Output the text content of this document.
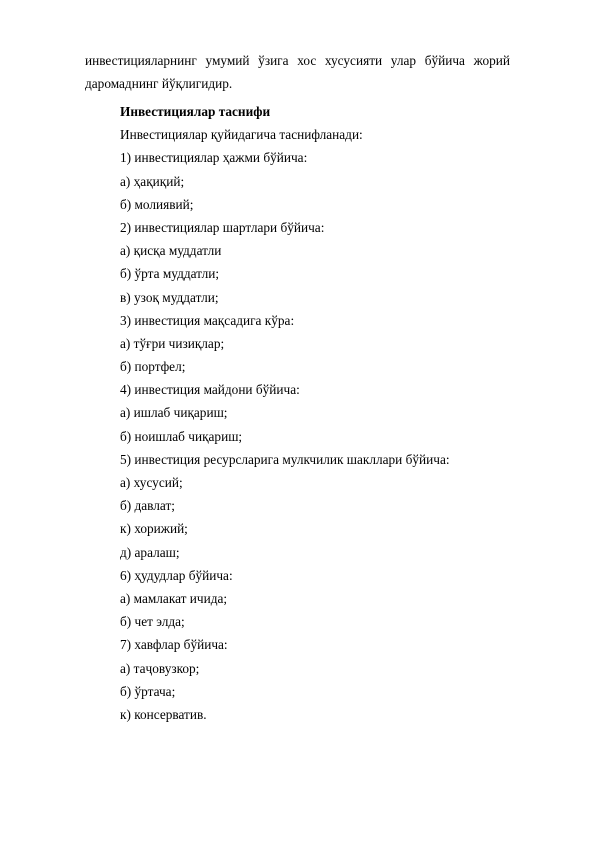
инвестицияларнинг умумий ўзига хос хусусияти улар бўйича жорий
даромаднинг йўқлигидир.

Инвестициялар таснифи
Инвестициялар қуйидагича таснифланади:
1) инвестициялар ҳажми бўйича:
а) ҳақиқий;
б) молиявий;
2) инвестициялар шартлари бўйича:
а) қисқа муддатли
б) ўрта муддатли;
в) узоқ муддатли;
3) инвестиция мақсадига кўра:
а) тўғри чизиқлар;
б) портфел;
4) инвестиция майдони бўйича:
а) ишлаб чиқариш;
б) ноишлаб чиқариш;
5) инвестиция ресурсларига мулкчилик шакллари бўйича:
а) хусусий;
б) давлат;
к) хорижий;
д) аралаш;
6) ҳудудлар бўйича:
а) мамлакат ичида;
б) чет элда;
7) хавфлар бўйича:
а) таҷовузкор;
б) ўртача;
к) консерватив.
